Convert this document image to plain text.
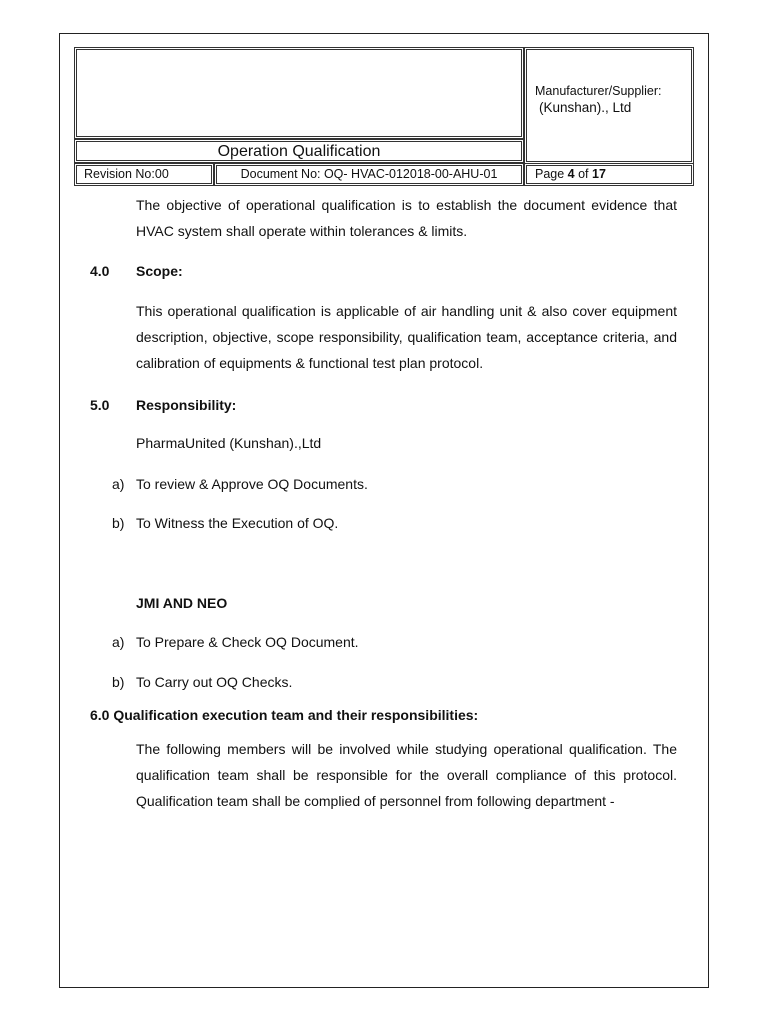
Operation Qualification
Manufacturer/Supplier:
(Kunshan)., Ltd
Revision No:00	Document No: OQ- HVAC-012018-00-AHU-01	Page 4 of 17
The objective of operational qualification is to establish the document evidence that HVAC system shall operate within tolerances & limits.
4.0 Scope:
This operational qualification is applicable of air handling unit & also cover equipment description, objective, scope responsibility, qualification team, acceptance criteria, and calibration of equipments & functional test plan protocol.
5.0 Responsibility:
PharmaUnited (Kunshan).,Ltd
a) To review & Approve OQ Documents.
b) To Witness the Execution of OQ.
JMI AND NEO
a) To Prepare & Check OQ Document.
b) To Carry out OQ Checks.
6.0 Qualification execution team and their responsibilities:
The following members will be involved while studying operational qualification. The qualification team shall be responsible for the overall compliance of this protocol. Qualification team shall be complied of personnel from following department -
